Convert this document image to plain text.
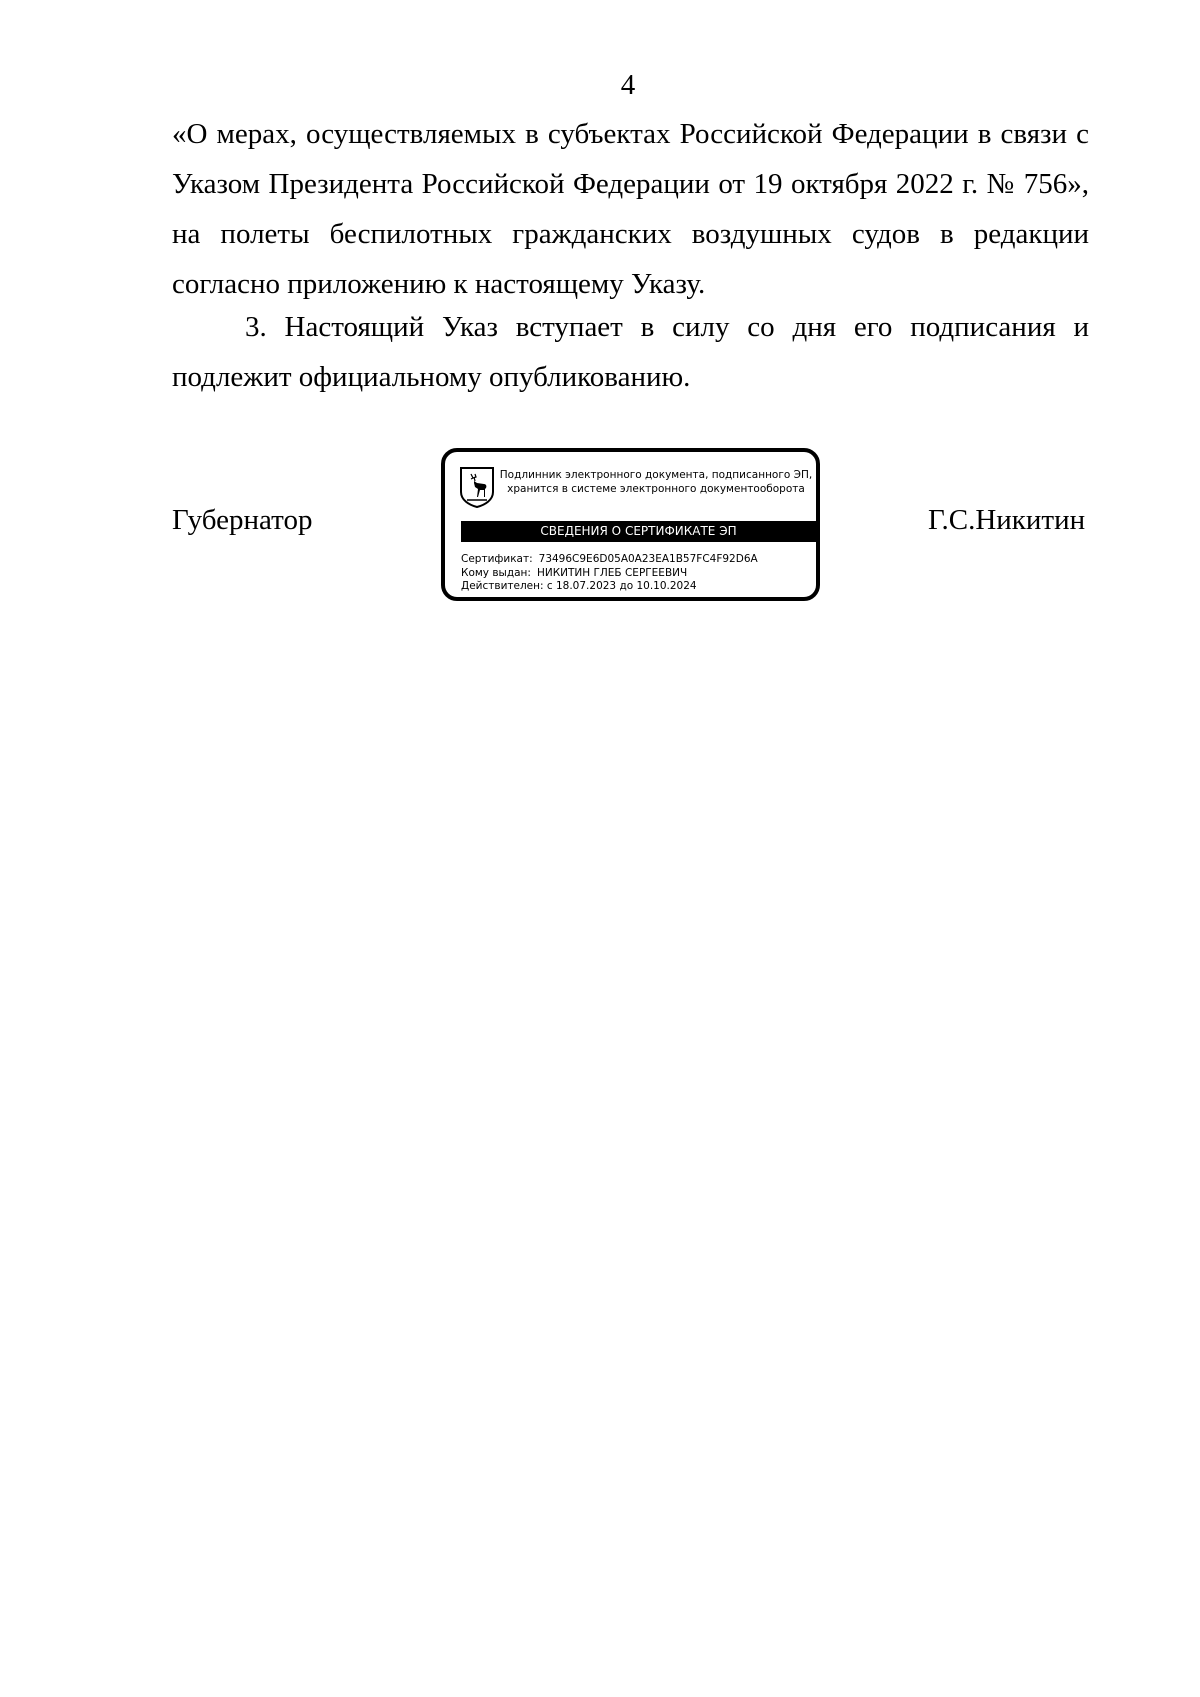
4

«О мерах, осуществляемых в субъектах Российской Федерации в связи с Указом Президента Российской Федерации от 19 октября 2022 г. № 756», на полеты беспилотных гражданских воздушных судов в редакции согласно приложению к настоящему Указу.

3. Настоящий Указ вступает в силу со дня его подписания и подлежит официальному опубликованию.

Губернатор
Подлинник электронного документа, подписанного ЭП,
хранится в системе электронного документооборота
СВЕДЕНИЯ О СЕРТИФИКАТЕ ЭП
Сертификат: 73496C9E6D05A0A23EA1B57FC4F92D6A
Кому выдан: НИКИТИН ГЛЕБ СЕРГЕЕВИЧ
Действителен: с 18.07.2023 до 10.10.2024
Г.С.Никитин
